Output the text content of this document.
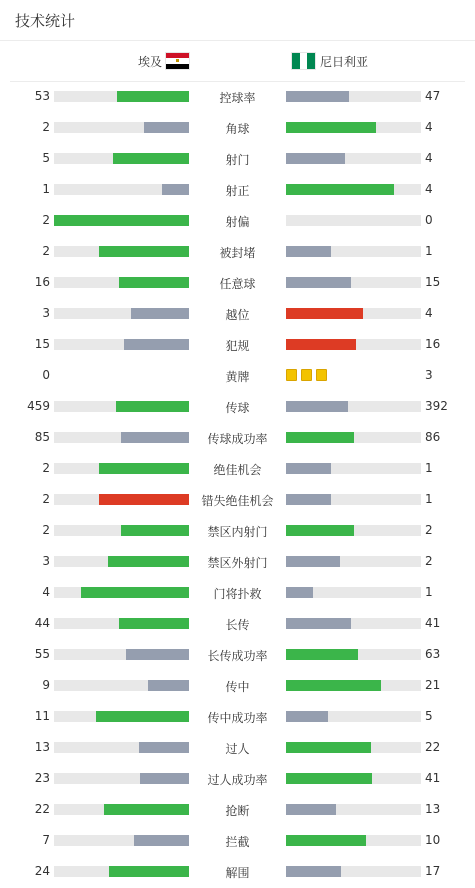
技术统计
埃及	尼日利亚
53	控球率	47
2	角球	4
5	射门	4
1	射正	4
2	射偏	0
2	被封堵	1
16	任意球	15
3	越位	4
15	犯规	16
0	黄牌	3
459	传球	392
85	传球成功率	86
2	绝佳机会	1
2	错失绝佳机会	1
2	禁区内射门	2
3	禁区外射门	2
4	门将扑救	1
44	长传	41
55	长传成功率	63
9	传中	21
11	传中成功率	5
13	过人	22
23	过人成功率	41
22	抢断	13
7	拦截	10
24	解围	17
